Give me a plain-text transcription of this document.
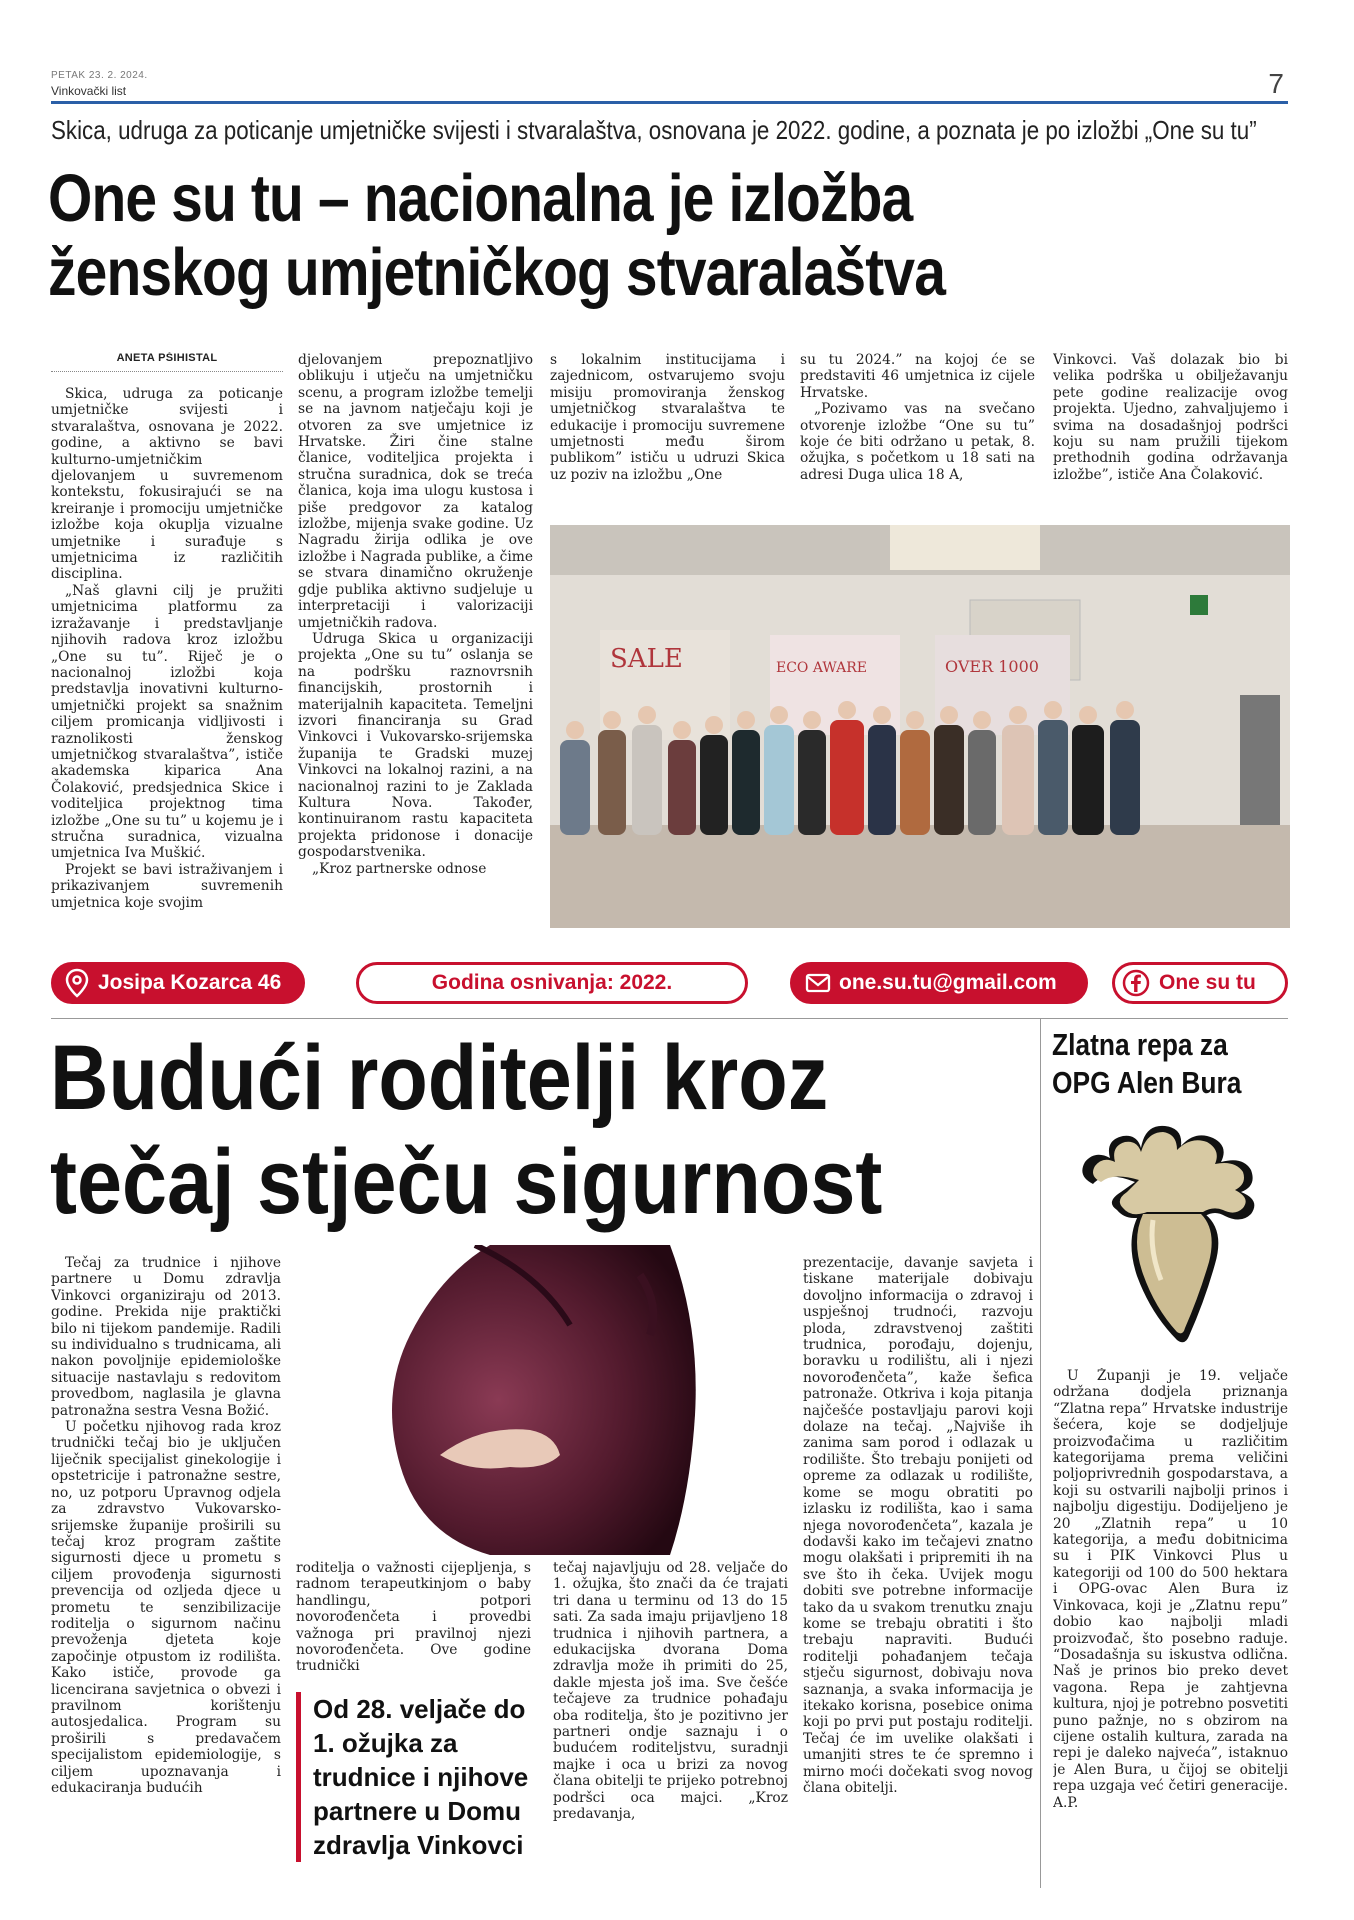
PETAK 23. 2. 2024.
Vinkovački list	7
Skica, udruga za poticanje umjetničke svijesti i stvaralaštva, osnovana je 2022. godine, a poznata je po izložbi „One su tu”
One su tu – nacionalna je izložba
ženskog umjetničkog stvaralaštva
ANETA PŠIHISTAL

Skica, udruga za poticanje umjetničke svijesti i stvaralaštva, osnovana je 2022. godine, a aktivno se bavi kulturno-umjetničkim djelovanjem u suvremenom kontekstu, fokusirajući se na kreiranje i promociju umjetničke izložbe koja okuplja vizualne umjetnike i surađuje s umjetnicima iz različitih disciplina.

„Naš glavni cilj je pružiti umjetnicima platformu za izražavanje i predstavljanje njihovih radova kroz izložbu „One su tu”. Riječ je o nacionalnoj izložbi koja predstavlja inovativni kulturno-umjetnički projekt sa snažnim ciljem promicanja vidljivosti i raznolikosti ženskog umjetničkog stvaralaštva”, ističe akademska kiparica Ana Čolaković, predsjednica Skice i voditeljica projektnog tima izložbe „One su tu” u kojemu je i stručna suradnica, vizualna umjetnica Iva Muškić.

Projekt se bavi istraživanjem i prikazivanjem suvremenih umjetnica koje svojim

djelovanjem prepoznatljivo oblikuju i utječu na umjetničku scenu, a program izložbe temelji se na javnom natječaju koji je otvoren za sve umjetnice iz Hrvatske. Žiri čine stalne članice, voditeljica projekta i stručna suradnica, dok se treća članica, koja ima ulogu kustosa i piše predgovor za katalog izložbe, mijenja svake godine. Uz Nagradu žirija odlika je ove izložbe i Nagrada publike, a čime se stvara dinamično okruženje gdje publika aktivno sudjeluje u interpretaciji i valorizaciji umjetničkih radova.

Udruga Skica u organizaciji projekta „One su tu” oslanja se na podršku raznovrsnih financijskih, prostornih i materijalnih kapaciteta. Temeljni izvori financiranja su Grad Vinkovci i Vukovarsko-srijemska županija te Gradski muzej Vinkovci na lokalnoj razini, a na nacionalnoj razini to je Zaklada Kultura Nova. Također, kontinuiranom rastu kapaciteta projekta pridonose i donacije gospodarstvenika.

„Kroz partnerske odnose

s lokalnim institucijama i zajednicom, ostvarujemo svoju misiju promoviranja ženskog umjetničkog stvaralaštva te edukacije i promociju suvremene umjetnosti među širom publikom” ističu u udruzi Skica uz poziv na izložbu „One

su tu 2024.” na kojoj će se predstaviti 46 umjetnica iz cijele Hrvatske.

„Pozivamo vas na svečano otvorenje izložbe “One su tu” koje će biti održano u petak, 8. ožujka, s početkom u 18 sati na adresi Duga ulica 18 A,

Vinkovci. Vaš dolazak bio bi velika podrška u obilježavanju pete godine realizacije ovog projekta. Ujedno, zahvaljujemo i svima na dosadašnjoj podršci koju su nam pružili tijekom prethodnih godina održavanja izložbe”, ističe Ana Čolaković.

SALE	ECO AWARE	OVER 1000
Josipa Kozarca 46	Godina osnivanja: 2022.	one.su.tu@gmail.com	One su tu
Budući roditelji kroz
tečaj stječu sigurnost

Tečaj za trudnice i njihove partnere u Domu zdravlja Vinkovci organiziraju od 2013. godine. Prekida nije praktički bilo ni tijekom pandemije. Radili su individualno s trudnicama, ali nakon povoljnije epidemiološke situacije nastavlaju s redovitom provedbom, naglasila je glavna patronažna sestra Vesna Božić.

U početku njihovog rada kroz trudnički tečaj bio je uključen liječnik specijalist ginekologije i opstetricije i patronažne sestre, no, uz potporu Upravnog odjela za zdravstvo Vukovarsko-srijemske županije proširili su tečaj kroz program zaštite sigurnosti djece u prometu s ciljem provođenja sigurnosti prevencija od ozljeda djece u prometu te senzibilizacije roditelja o sigurnom načinu prevoženja djeteta koje započinje otpustom iz rodilišta. Kako ističe, provode ga licencirana savjetnica o obvezi i pravilnom korištenju autosjedalica. Program su proširili s predavačem specijalistom epidemiologije, s ciljem upoznavanja i edukaciranja budućih

roditelja o važnosti cijepljenja, s radnom terapeutkinjom o baby handlingu, potpori novorođenčeta i provedbi važnoga pri pravilnoj njezi novorođenčeta. Ove godine trudnički

tečaj najavljuju od 28. veljače do 1. ožujka, što znači da će trajati tri dana u terminu od 13 do 15 sati. Za sada imaju prijavljeno 18 trudnica i njihovih partnera, a edukacijska dvorana Doma zdravlja može ih primiti do 25, dakle mjesta još ima. Sve češće tečajeve za trudnice pohađaju oba roditelja, što je pozitivno jer partneri ondje saznaju i o budućem roditeljstvu, suradnji majke i oca u brizi za novog člana obitelji te prijeko potrebnoj podršci oca majci. „Kroz predavanja,

prezentacije, davanje savjeta i tiskane materijale dobivaju dovoljno informacija o zdravoj i uspješnoj trudnoći, razvoju ploda, zdravstvenoj zaštiti trudnica, porođaju, dojenju, boravku u rodilištu, ali i njezi novorođenčeta”, kaže šefica patronaže. Otkriva i koja pitanja najčešće postavljaju parovi koji dolaze na tečaj. „Najviše ih zanima sam porod i odlazak u rodilište. Što trebaju ponijeti od opreme za odlazak u rodilište, kome se mogu obratiti po izlasku iz rodilišta, kao i sama njega novorođenčeta”, kazala je dodavši kako im tečajevi znatno mogu olakšati i pripremiti ih na sve što ih čeka. Uvijek mogu dobiti sve potrebne informacije tako da u svakom trenutku znaju kome se trebaju obratiti i što trebaju napraviti. Budući roditelji pohađanjem tečaja stječu sigurnost, dobivaju nova saznanja, a svaka informacija je itekako korisna, posebice onima koji po prvi put postaju roditelji. Tečaj će im uvelike olakšati i umanjiti stres te će spremno i mirno moći dočekati svog novog člana obitelji.

Od 28. veljače do 1. ožujka za trudnice i njihove partnere u Domu zdravlja Vinkovci
Zlatna repa za
OPG Alen Bura

U Županji je 19. veljače održana dodjela priznanja “Zlatna repa” Hrvatske industrije šećera, koje se dodjeljuje proizvođačima u različitim kategorijama prema veličini poljoprivrednih gospodarstava, a koji su ostvarili najbolji prinos i najbolju digestiju. Dodijeljeno je 20 „Zlatnih repa” u 10 kategorija, a među dobitnicima su i PIK Vinkovci Plus u kategoriji od 100 do 500 hektara i OPG-ovac Alen Bura iz Vinkovaca, koji je „Zlatnu repu” dobio kao najbolji mladi proizvođač, što posebno raduje. “Dosadašnja su iskustva odlična. Naš je prinos bio preko devet vagona. Repa je zahtjevna kultura, njoj je potrebno posvetiti puno pažnje, no s obzirom na cijene ostalih kultura, zarada na repi je daleko najveća”, istaknuo je Alen Bura, u čijoj se obitelji repa uzgaja već četiri generacije. A.P.
